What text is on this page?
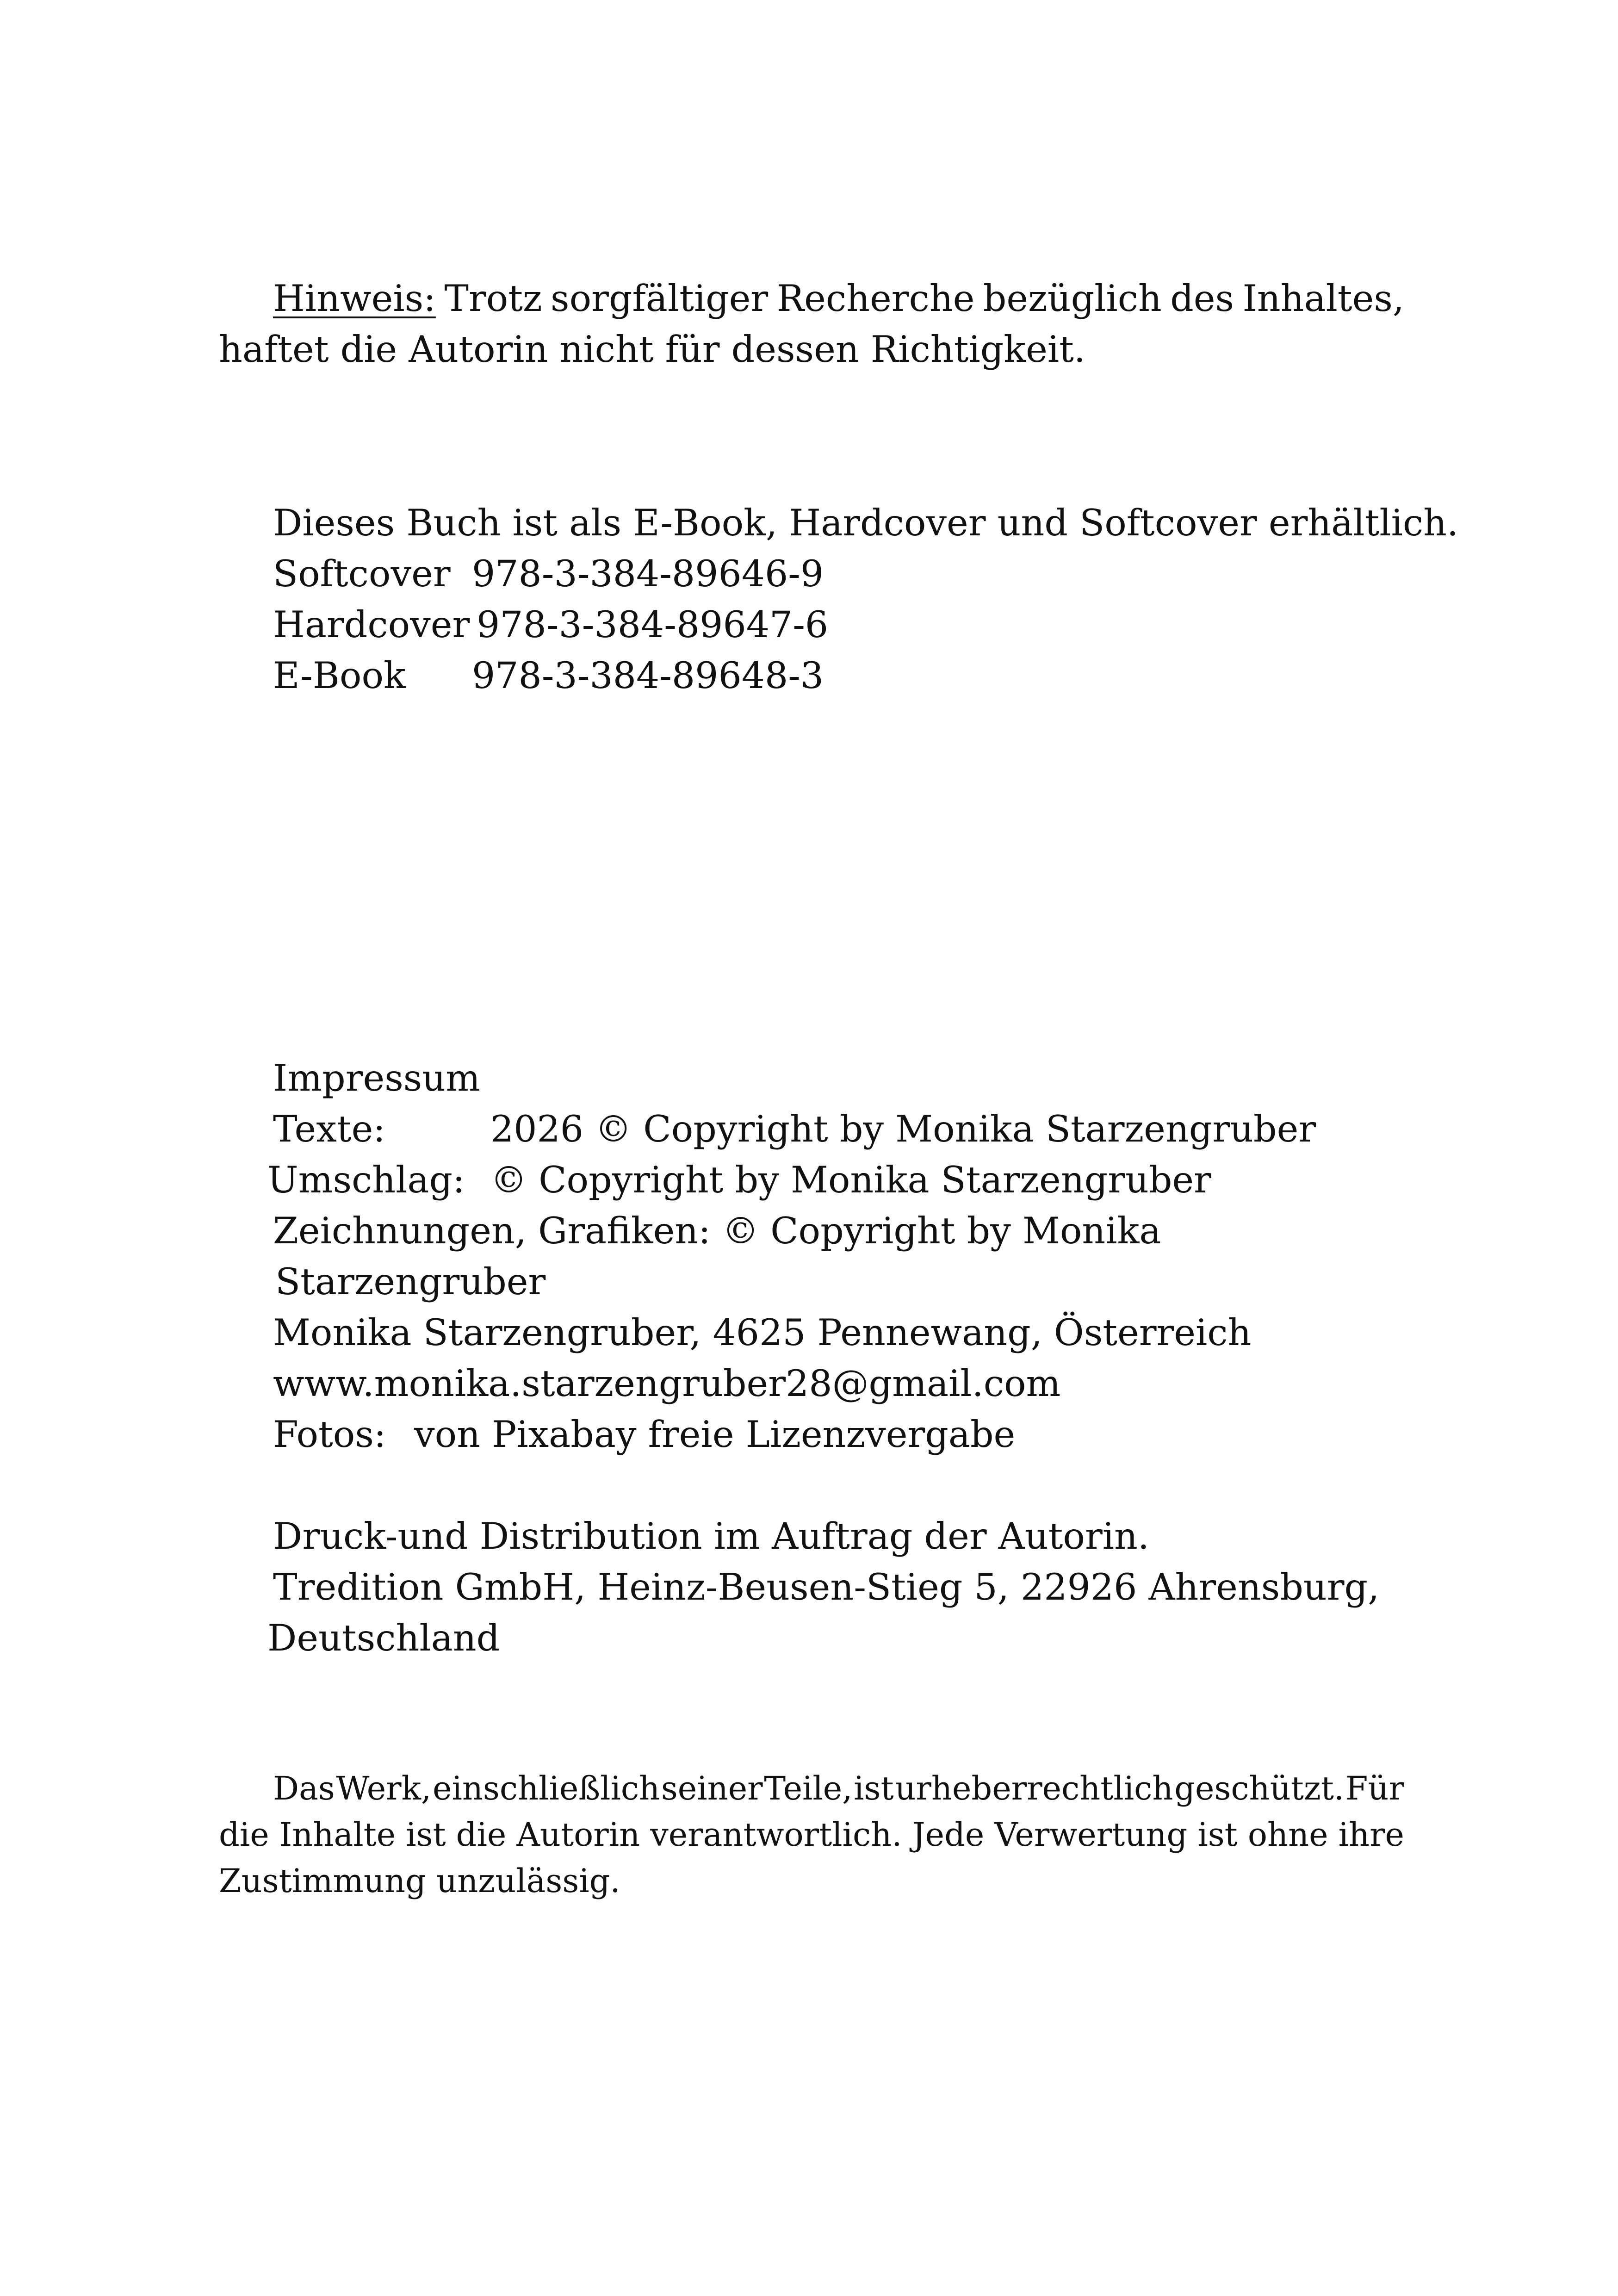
Hinweis: Trotz sorgfältiger Recherche bezüglich des Inhaltes,
haftet die Autorin nicht für dessen Richtigkeit.
Dieses Buch ist als E-Book, Hardcover und Softcover erhältlich.
Softcover 978-3-384-89646-9
Hardcover 978-3-384-89647-6
E-Book 978-3-384-89648-3
Impressum
Texte:	2026 © Copyright by Monika Starzengruber
Umschlag: © Copyright by Monika Starzengruber
Zeichnungen, Grafiken: © Copyright by Monika
Starzengruber
Monika Starzengruber, 4625 Pennewang, Österreich
www.monika.starzengruber28@gmail.com
Fotos: von Pixabay freie Lizenzvergabe
Druck-und Distribution im Auftrag der Autorin.
Tredition GmbH, Heinz-Beusen-Stieg 5, 22926 Ahrensburg,
Deutschland
Das Werk, einschließlich seiner Teile, ist urheberrechtlich geschützt. Für
die Inhalte ist die Autorin verantwortlich. Jede Verwertung ist ohne ihre
Zustimmung unzulässig.
